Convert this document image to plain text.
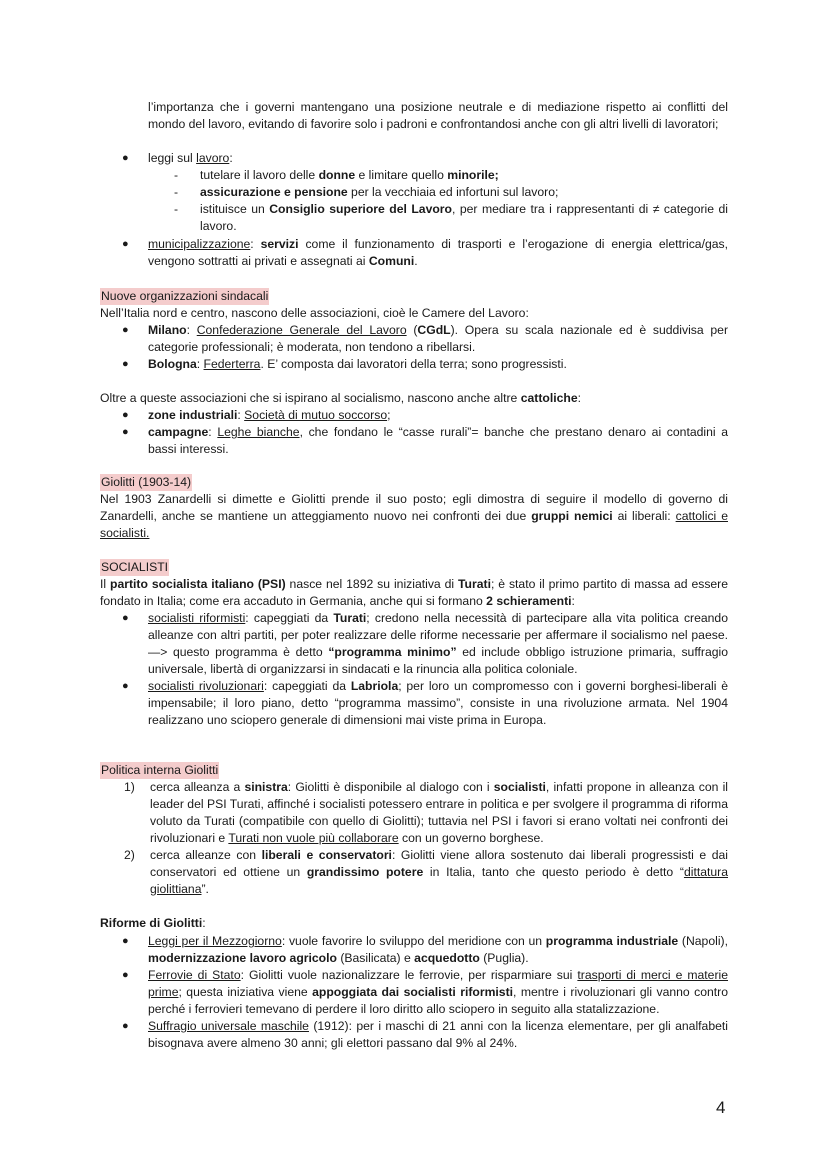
l’importanza che i governi mantengano una posizione neutrale e di mediazione rispetto ai conflitti del mondo del lavoro, evitando di favorire solo i padroni e confrontandosi anche con gli altri livelli di lavoratori;

● leggi sul lavoro:
- tutelare il lavoro delle donne e limitare quello minorile;
- assicurazione e pensione per la vecchiaia ed infortuni sul lavoro;
- istituisce un Consiglio superiore del Lavoro, per mediare tra i rappresentanti di ≠ categorie di lavoro.
● municipalizzazione: servizi come il funzionamento di trasporti e l’erogazione di energia elettrica/gas, vengono sottratti ai privati e assegnati ai Comuni.

Nuove organizzazioni sindacali

Nell’Italia nord e centro, nascono delle associazioni, cioè le Camere del Lavoro:

● Milano: Confederazione Generale del Lavoro (CGdL). Opera su scala nazionale ed è suddivisa per categorie professionali; è moderata, non tendono a ribellarsi.
● Bologna: Federterra. E’ composta dai lavoratori della terra; sono progressisti.

Oltre a queste associazioni che si ispirano al socialismo, nascono anche altre cattoliche:

● zone industriali: Società di mutuo soccorso;
● campagne: Leghe bianche, che fondano le “casse rurali”= banche che prestano denaro ai contadini a bassi interessi.

Giolitti (1903-14)

Nel 1903 Zanardelli si dimette e Giolitti prende il suo posto; egli dimostra di seguire il modello di governo di Zanardelli, anche se mantiene un atteggiamento nuovo nei confronti dei due gruppi nemici ai liberali: cattolici e socialisti.

SOCIALISTI

Il partito socialista italiano (PSI) nasce nel 1892 su iniziativa di Turati; è stato il primo partito di massa ad essere fondato in Italia; come era accaduto in Germania, anche qui si formano 2 schieramenti:

● socialisti riformisti: capeggiati da Turati; credono nella necessità di partecipare alla vita politica creando alleanze con altri partiti, per poter realizzare delle riforme necessarie per affermare il socialismo nel paese. —> questo programma è detto “programma minimo” ed include obbligo istruzione primaria, suffragio universale, libertà di organizzarsi in sindacati e la rinuncia alla politica coloniale.
● socialisti rivoluzionari: capeggiati da Labriola; per loro un compromesso con i governi borghesi-liberali è impensabile; il loro piano, detto “programma massimo”, consiste in una rivoluzione armata. Nel 1904 realizzano uno sciopero generale di dimensioni mai viste prima in Europa.

Politica interna Giolitti

1) cerca alleanza a sinistra: Giolitti è disponibile al dialogo con i socialisti, infatti propone in alleanza con il leader del PSI Turati, affinché i socialisti potessero entrare in politica e per svolgere il programma di riforma voluto da Turati (compatibile con quello di Giolitti); tuttavia nel PSI i favori si erano voltati nei confronti dei rivoluzionari e Turati non vuole più collaborare con un governo borghese.
2) cerca alleanze con liberali e conservatori: Giolitti viene allora sostenuto dai liberali progressisti e dai conservatori ed ottiene un grandissimo potere in Italia, tanto che questo periodo è detto “dittatura giolittiana”.

Riforme di Giolitti:

● Leggi per il Mezzogiorno: vuole favorire lo sviluppo del meridione con un programma industriale (Napoli), modernizzazione lavoro agricolo (Basilicata) e acquedotto (Puglia).
● Ferrovie di Stato: Giolitti vuole nazionalizzare le ferrovie, per risparmiare sui trasporti di merci e materie prime; questa iniziativa viene appoggiata dai socialisti riformisti, mentre i rivoluzionari gli vanno contro perché i ferrovieri temevano di perdere il loro diritto allo sciopero in seguito alla statalizzazione.
● Suffragio universale maschile (1912): per i maschi di 21 anni con la licenza elementare, per gli analfabeti bisognava avere almeno 30 anni; gli elettori passano dal 9% al 24%.
4
